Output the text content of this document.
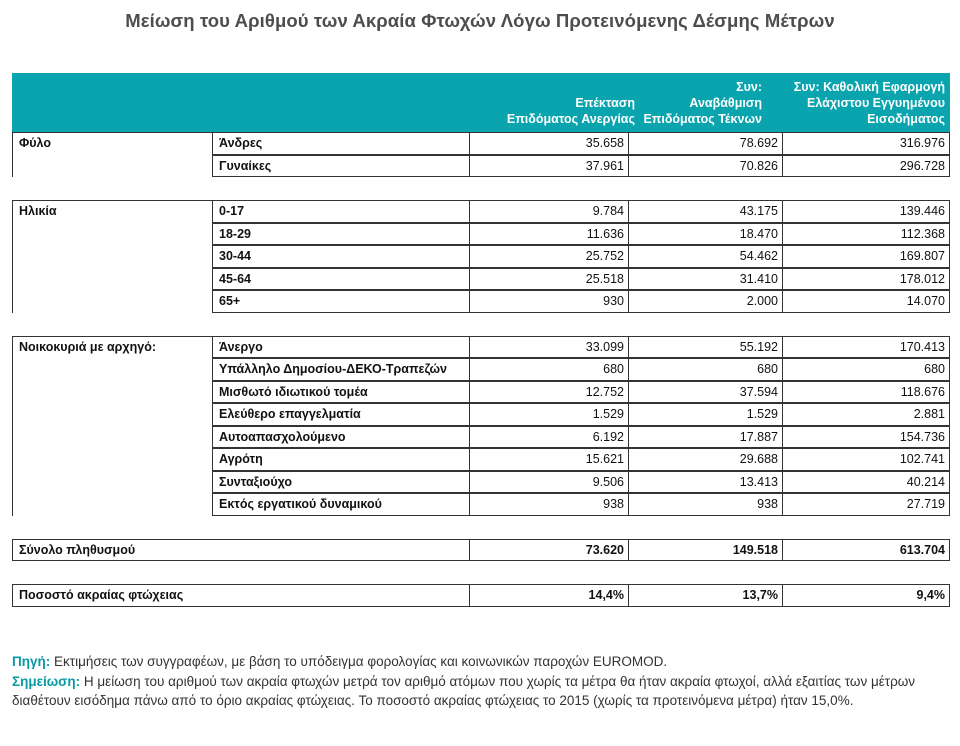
Μείωση του Αριθμού των Ακραία Φτωχών Λόγω Προτεινόμενης Δέσμης Μέτρων
Επέκταση
Επιδόματος Ανεργίας
Συν:
Αναβάθμιση
Επιδόματος Τέκνων
Συν: Καθολική Εφαρμογή
Ελάχιστου Εγγυημένου
Εισοδήματος
Φύλο	Άνδρες	35.658	78.692	316.976
Γυναίκες	37.961	70.826	296.728
Ηλικία	0-17	9.784	43.175	139.446
18-29	11.636	18.470	112.368
30-44	25.752	54.462	169.807
45-64	25.518	31.410	178.012
65+	930	2.000	14.070
Νοικοκυριά με αρχηγό:	Άνεργο	33.099	55.192	170.413
Υπάλληλο Δημοσίου-ΔΕΚΟ-Τραπεζών	680	680	680
Μισθωτό ιδιωτικού τομέα	12.752	37.594	118.676
Ελεύθερο επαγγελματία	1.529	1.529	2.881
Αυτοαπασχολούμενο	6.192	17.887	154.736
Αγρότη	15.621	29.688	102.741
Συνταξιούχο	9.506	13.413	40.214
Εκτός εργατικού δυναμικού	938	938	27.719
Σύνολο πληθυσμού	73.620	149.518	613.704
Ποσοστό ακραίας φτώχειας	14,4%	13,7%	9,4%
Πηγή: Εκτιμήσεις των συγγραφέων, με βάση το υπόδειγμα φορολογίας και κοινωνικών παροχών EUROMOD.
Σημείωση: Η μείωση του αριθμού των ακραία φτωχών μετρά τον αριθμό ατόμων που χωρίς τα μέτρα θα ήταν ακραία φτωχοί, αλλά εξαιτίας των μέτρων διαθέτουν εισόδημα πάνω από το όριο ακραίας φτώχειας. Το ποσοστό ακραίας φτώχειας το 2015 (χωρίς τα προτεινόμενα μέτρα) ήταν 15,0%.
